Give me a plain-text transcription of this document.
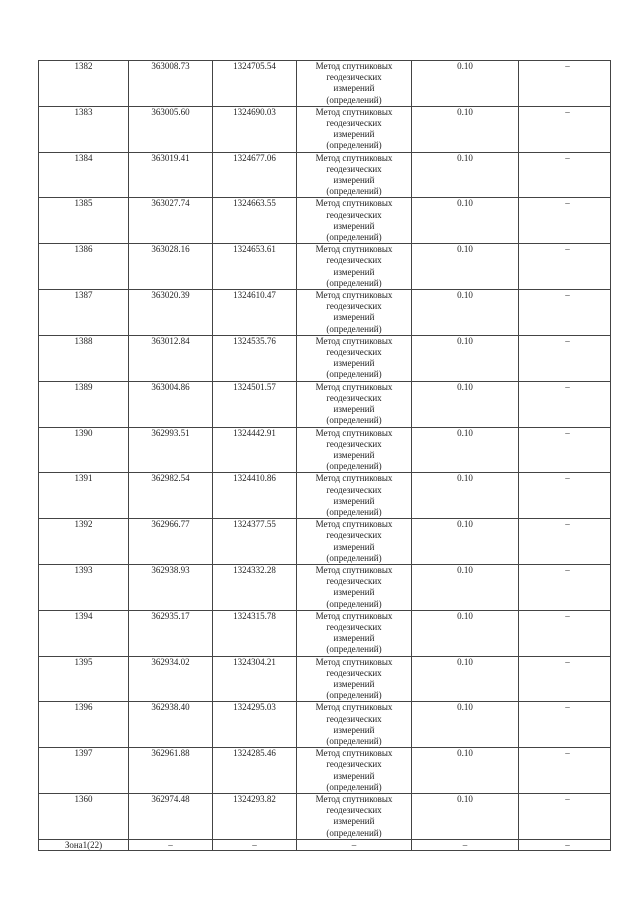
1382	363008.73	1324705.54	Метод спутниковых
геодезических
измерений
(определений)	0.10	–
1383	363005.60	1324690.03	Метод спутниковых
геодезических
измерений
(определений)	0.10	–
1384	363019.41	1324677.06	Метод спутниковых
геодезических
измерений
(определений)	0.10	–
1385	363027.74	1324663.55	Метод спутниковых
геодезических
измерений
(определений)	0.10	–
1386	363028.16	1324653.61	Метод спутниковых
геодезических
измерений
(определений)	0.10	–
1387	363020.39	1324610.47	Метод спутниковых
геодезических
измерений
(определений)	0.10	–
1388	363012.84	1324535.76	Метод спутниковых
геодезических
измерений
(определений)	0.10	–
1389	363004.86	1324501.57	Метод спутниковых
геодезических
измерений
(определений)	0.10	–
1390	362993.51	1324442.91	Метод спутниковых
геодезических
измерений
(определений)	0.10	–
1391	362982.54	1324410.86	Метод спутниковых
геодезических
измерений
(определений)	0.10	–
1392	362966.77	1324377.55	Метод спутниковых
геодезических
измерений
(определений)	0.10	–
1393	362938.93	1324332.28	Метод спутниковых
геодезических
измерений
(определений)	0.10	–
1394	362935.17	1324315.78	Метод спутниковых
геодезических
измерений
(определений)	0.10	–
1395	362934.02	1324304.21	Метод спутниковых
геодезических
измерений
(определений)	0.10	–
1396	362938.40	1324295.03	Метод спутниковых
геодезических
измерений
(определений)	0.10	–
1397	362961.88	1324285.46	Метод спутниковых
геодезических
измерений
(определений)	0.10	–
1360	362974.48	1324293.82	Метод спутниковых
геодезических
измерений
(определений)	0.10	–
Зона1(22)	–	–	–	–	–
